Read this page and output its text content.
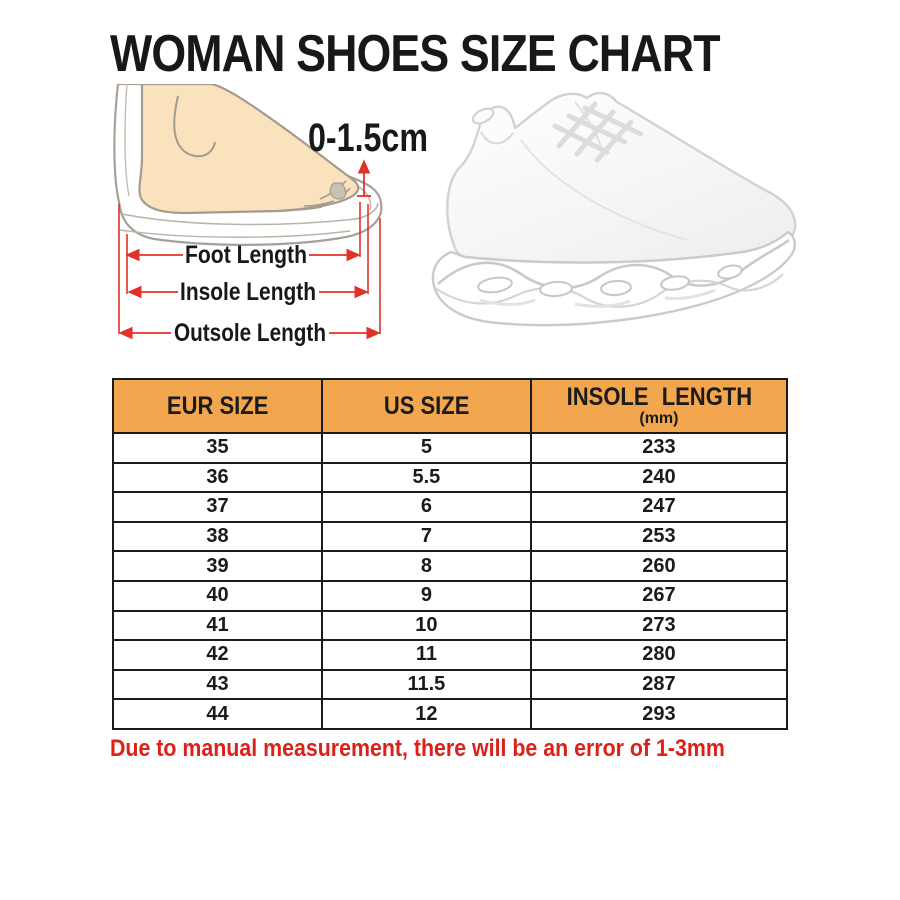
WOMAN SHOES SIZE CHART
0-1.5cm
Foot Length
Insole Length
Outsole Length
EUR SIZE	US SIZE	INSOLE LENGTH
(mm)

35	5	233
36	5.5	240
37	6	247
38	7	253
39	8	260
40	9	267
41	10	273
42	11	280
43	11.5	287
44	12	293
Due to manual measurement, there will be an error of 1-3mm
